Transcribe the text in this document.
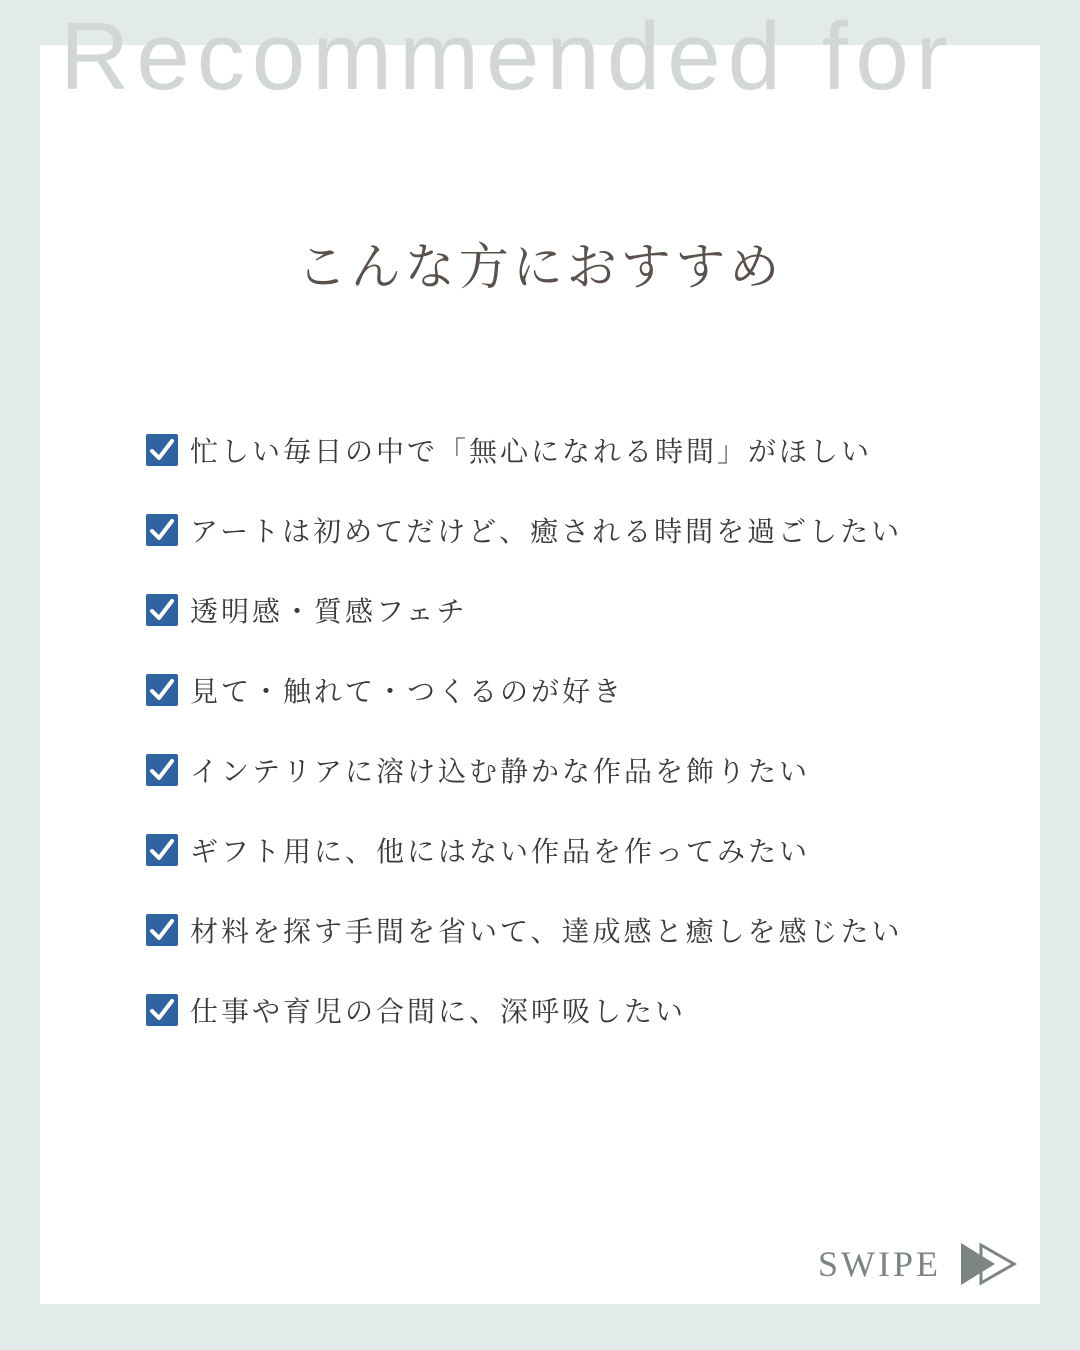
Recommended for
こんな方におすすめ
忙しい毎日の中で「無心になれる時間」がほしい
アートは初めてだけど、癒される時間を過ごしたい
透明感・質感フェチ
見て・触れて・つくるのが好き
インテリアに溶け込む静かな作品を飾りたい
ギフト用に、他にはない作品を作ってみたい
材料を探す手間を省いて、達成感と癒しを感じたい
仕事や育児の合間に、深呼吸したい
SWIPE
